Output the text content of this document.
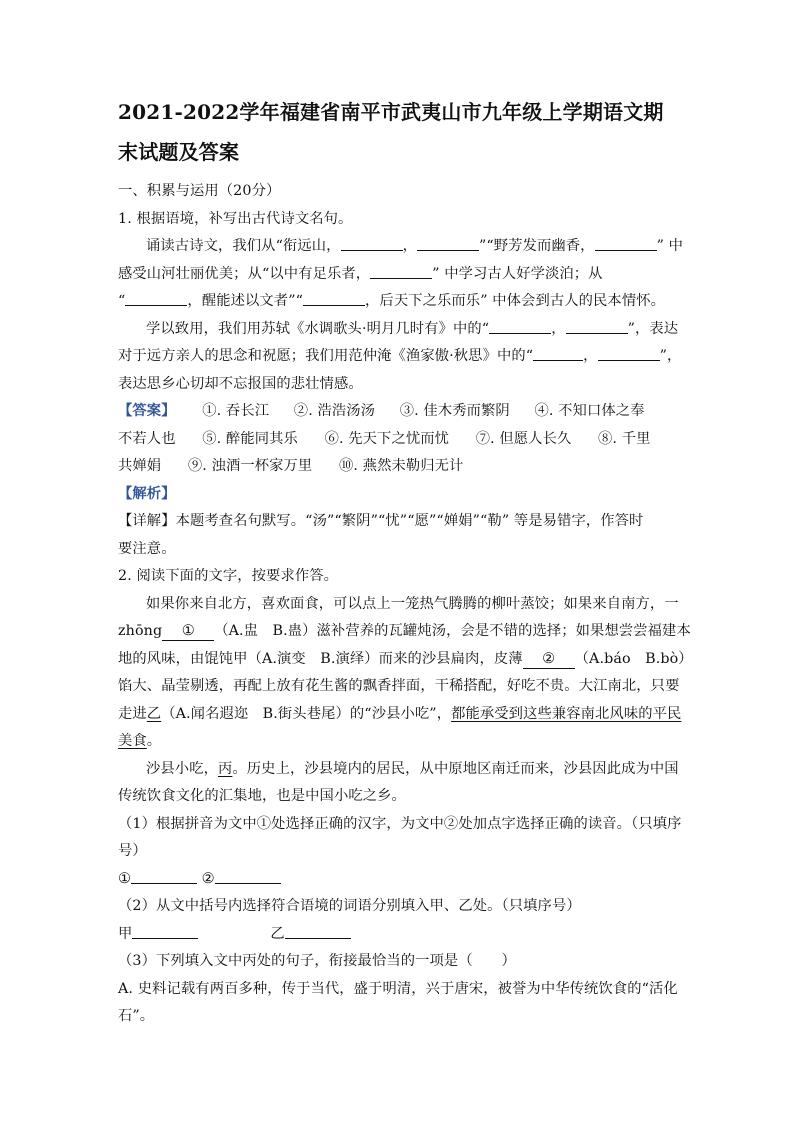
2021-2022学年福建省南平市武夷山市九年级上学期语文期
末试题及答案
一、积累与运用（20分）
1. 根据语境，补写出古代诗文名句。
诵读古诗文，我们从“衔远山，	，	”“野芳发而幽香，	” 中
感受山河壮丽优美；从“以中有足乐者，	” 中学习古人好学淡泊；从
“	，醒能述以文者”“	，后天下之乐而乐” 中体会到古人的民本情怀。
学以致用，我们用苏轼《水调歌头·明月几时有》中的“	，	”，表达
对于远方亲人的思念和祝愿；我们用范仲淹《渔家傲·秋思》中的“	，	”，
表达思乡心切却不忘报国的悲壮情感。
【答案】 ①. 吞长江 ②. 浩浩汤汤 ③. 佳木秀而繁阴 ④. 不知口体之奉
不若人也 ⑤. 醉能同其乐 ⑥. 先天下之忧而忧 ⑦. 但愿人长久 ⑧. 千里
共婵娟 ⑨. 浊酒一杯家万里 ⑩. 燕然未勒归无计
【解析】
【详解】本题考查名句默写。“汤”“繁阴”“忧”“愿”“婵娟”“勒” 等是易错字，作答时
要注意。
2. 阅读下面的文字，按要求作答。
如果你来自北方，喜欢面食，可以点上一笼热气腾腾的柳叶蒸饺；如果来自南方，一
zhōng ① （A.盅　B.蛊）滋补营养的瓦罐炖汤，会是不错的选择；如果想尝尝福建本
地的风味，由馄饨甲（A.演变　B.演绎）而来的沙县扁肉，皮薄 ② （A.báo　B.bò）
馅大、晶莹剔透，再配上放有花生酱的飘香拌面，干稀搭配，好吃不贵。大江南北，只要
走进乙（A.闻名遐迩　B.街头巷尾）的“沙县小吃”，都能承受到这些兼容南北风味的平民
美食。
沙县小吃，丙。历史上，沙县境内的居民，从中原地区南迁而来，沙县因此成为中国
传统饮食文化的汇集地，也是中国小吃之乡。
（1）根据拼音为文中①处选择正确的汉字，为文中②处加点字选择正确的读音。（只填序
号）
①	②
（2）从文中括号内选择符合语境的词语分别填入甲、乙处。（只填序号）
甲	乙
（3）下列填入文中丙处的句子，衔接最恰当的一项是（　　）
A. 史料记载有两百多种，传于当代，盛于明清，兴于唐宋，被誉为中华传统饮食的“活化
石”。
